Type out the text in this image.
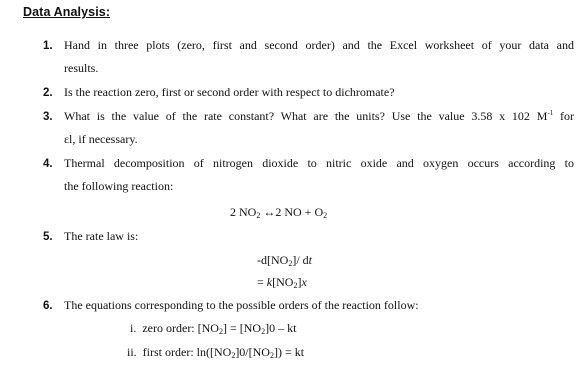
Data Analysis:
1. Hand in three plots (zero, first and second order) and the Excel worksheet of your data and
results.
2. Is the reaction zero, first or second order with respect to dichromate?
3. What is the value of the rate constant? What are the units? Use the value 3.58 x 102 $M^{-1}$ for
εl, if necessary.
4. Thermal decomposition of nitrogen dioxide to nitric oxide and oxygen occurs according to
the following reaction:
2 $NO_2$ ↔2 NO + $O_2$
5. The rate law is:
$-d[NO_2]/$ dt
= $k[NO_2]x$
6. The equations corresponding to the possible orders of the reaction follow:
i. zero order: $[NO_2] = [NO_2]0$ – kt
ii. first order: $\ln([NO_2]0/[NO_2])$ = kt
